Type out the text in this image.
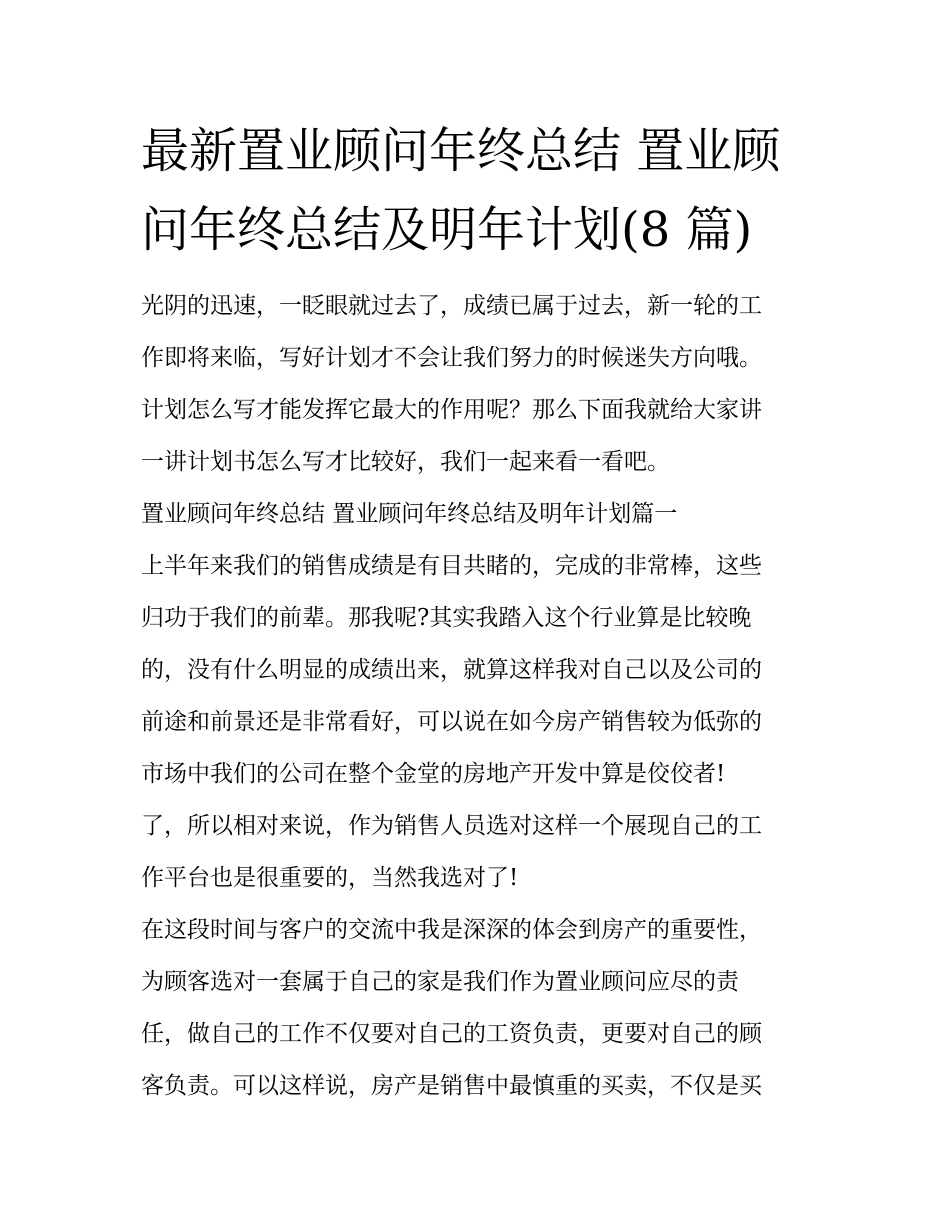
最新置业顾问年终总结 置业顾
问年终总结及明年计划(8 篇)

光阴的迅速，一眨眼就过去了，成绩已属于过去，新一轮的工

作即将来临，写好计划才不会让我们努力的时候迷失方向哦。

计划怎么写才能发挥它最大的作用呢？那么下面我就给大家讲

一讲计划书怎么写才比较好，我们一起来看一看吧。

置业顾问年终总结 置业顾问年终总结及明年计划篇一

上半年来我们的销售成绩是有目共睹的，完成的非常棒，这些

归功于我们的前辈。那我呢?其实我踏入这个行业算是比较晚

的，没有什么明显的成绩出来，就算这样我对自己以及公司的

前途和前景还是非常看好，可以说在如今房产销售较为低弥的

市场中我们的公司在整个金堂的房地产开发中算是佼佼者!

了，所以相对来说，作为销售人员选对这样一个展现自己的工

作平台也是很重要的，当然我选对了!

在这段时间与客户的交流中我是深深的体会到房产的重要性，

为顾客选对一套属于自己的家是我们作为置业顾问应尽的责

任，做自己的工作不仅要对自己的工资负责，更要对自己的顾

客负责。可以这样说，房产是销售中最慎重的买卖，不仅是买
